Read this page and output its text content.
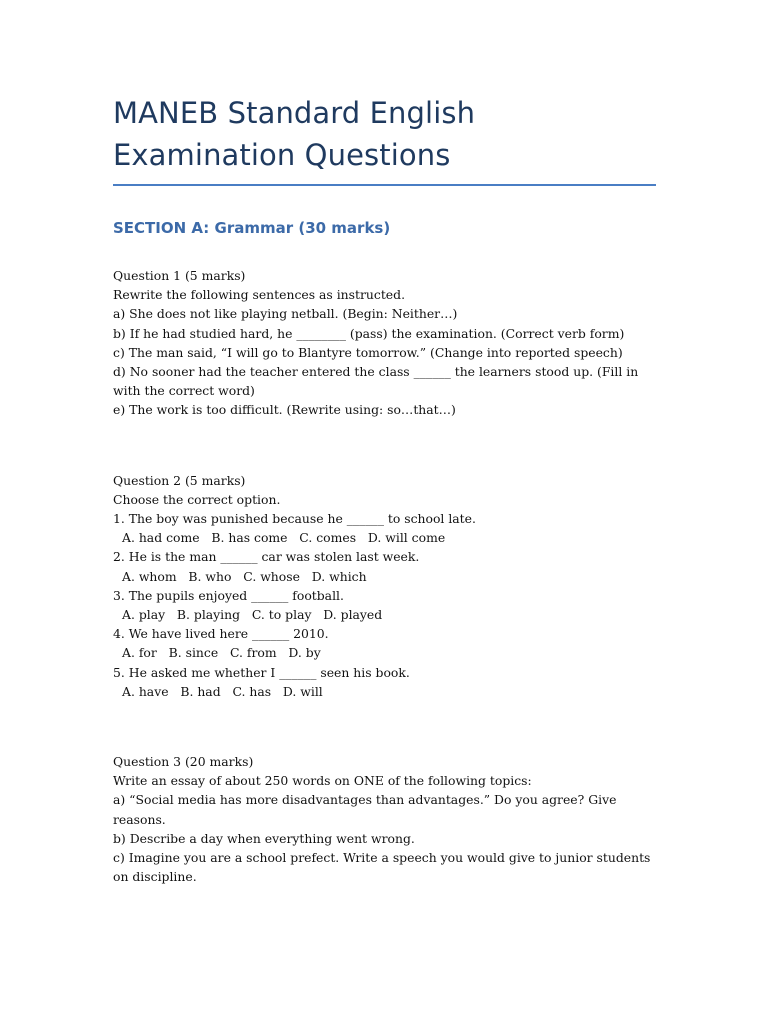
MANEB Standard English Examination Questions
SECTION A: Grammar (30 marks)
Question 1 (5 marks)
Rewrite the following sentences as instructed.
a) She does not like playing netball. (Begin: Neither…)
b) If he had studied hard, he ________ (pass) the examination. (Correct verb form)
c) The man said, “I will go to Blantyre tomorrow.” (Change into reported speech)
d) No sooner had the teacher entered the class ______ the learners stood up. (Fill in with the correct word)
e) The work is too difficult. (Rewrite using: so…that…)
Question 2 (5 marks)
Choose the correct option.
1. The boy was punished because he ______ to school late.
A. had come   B. has come   C. comes   D. will come
2. He is the man ______ car was stolen last week.
A. whom   B. who   C. whose   D. which
3. The pupils enjoyed ______ football.
A. play   B. playing   C. to play   D. played
4. We have lived here ______ 2010.
A. for   B. since   C. from   D. by
5. He asked me whether I ______ seen his book.
A. have   B. had   C. has   D. will
Question 3 (20 marks)
Write an essay of about 250 words on ONE of the following topics:
a) “Social media has more disadvantages than advantages.” Do you agree? Give reasons.
b) Describe a day when everything went wrong.
c) Imagine you are a school prefect. Write a speech you would give to junior students on discipline.
